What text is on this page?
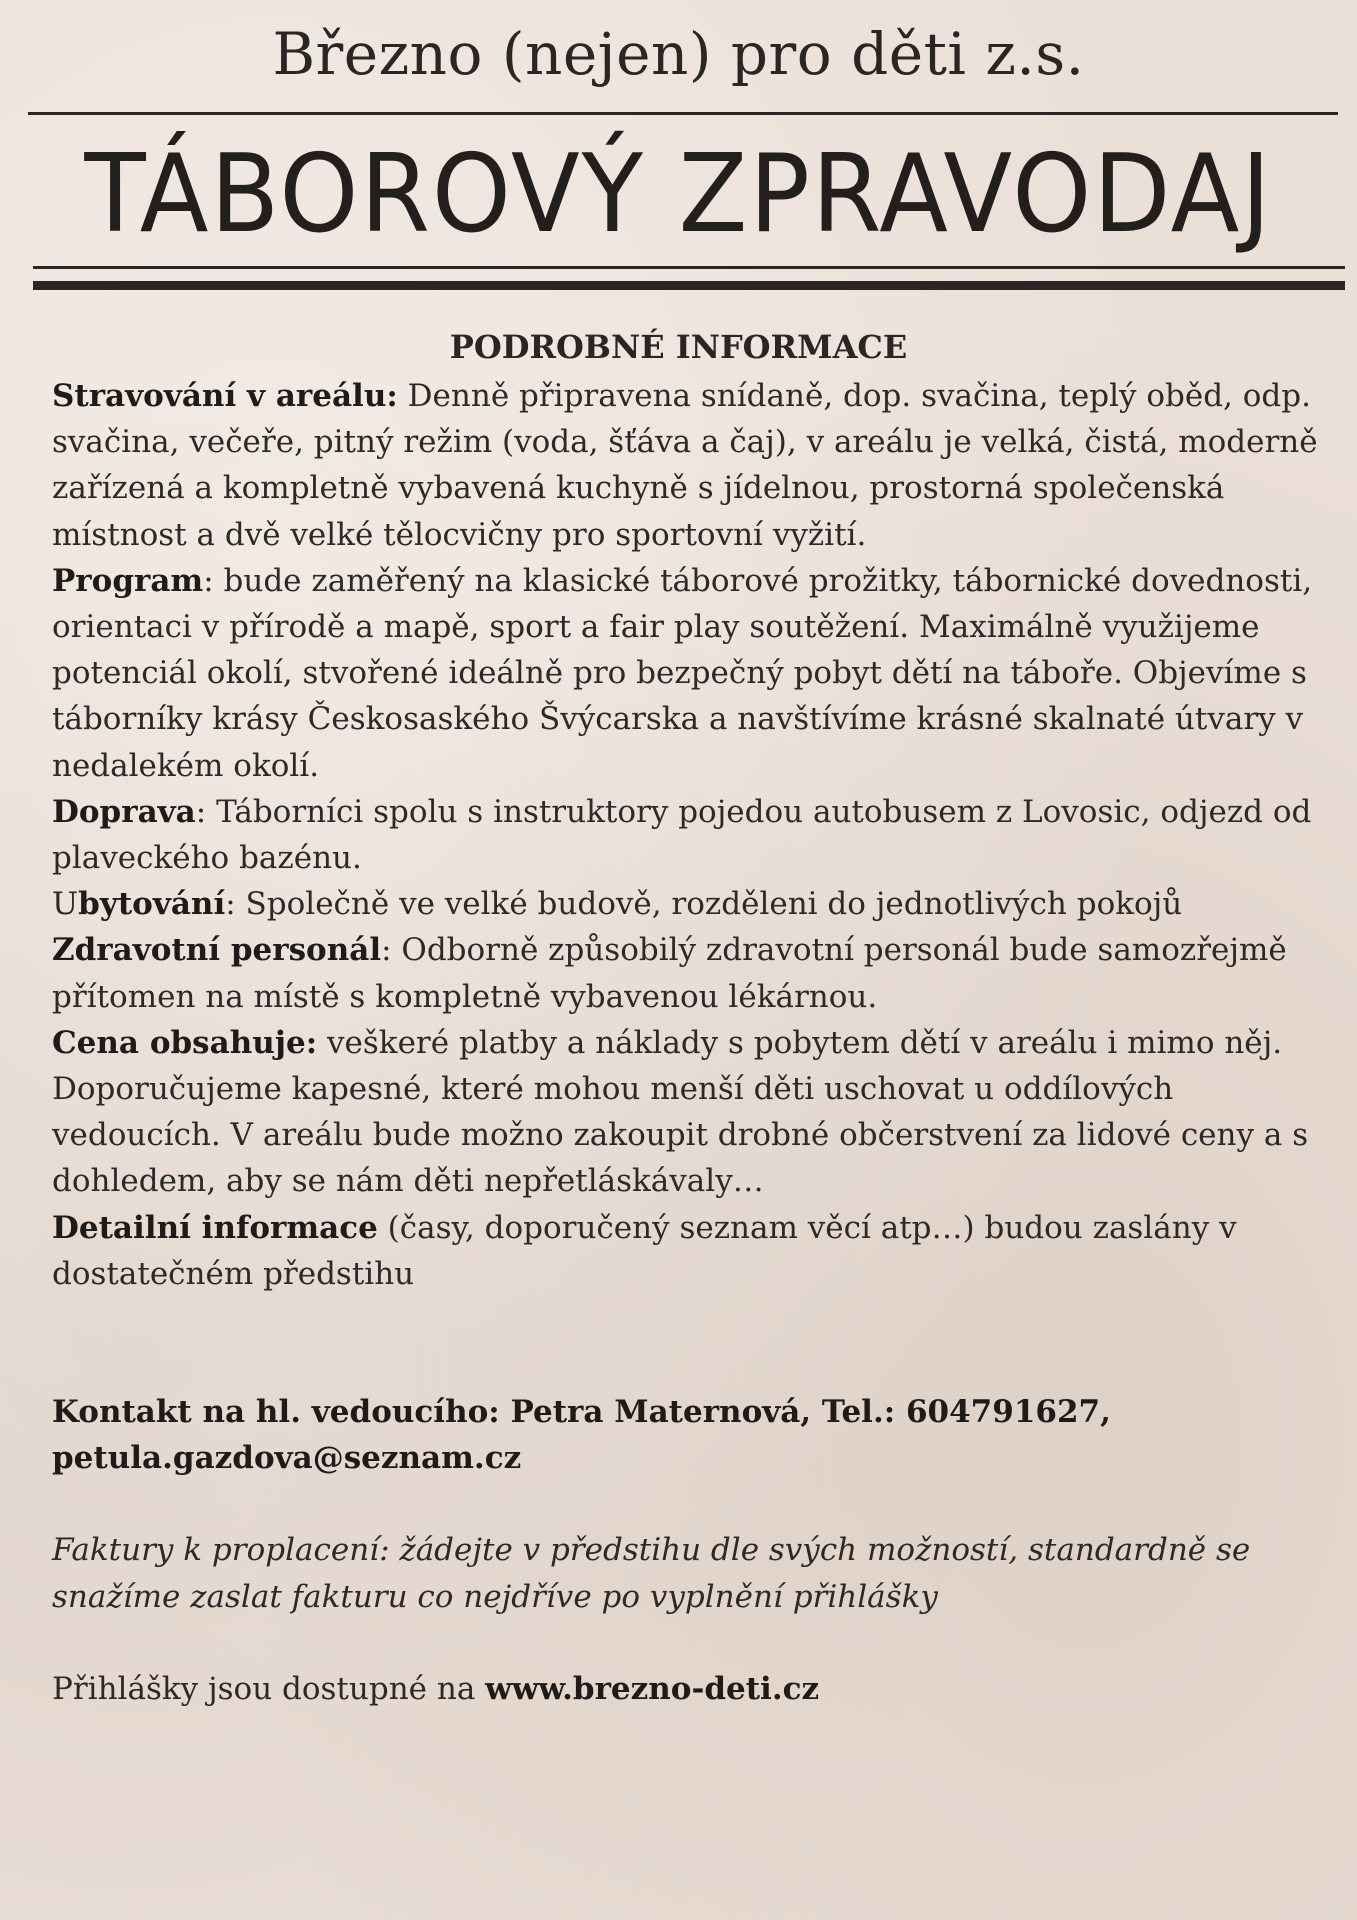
Březno (nejen) pro děti z.s.
TÁBOROVÝ ZPRAVODAJ
PODROBNÉ INFORMACE

Stravování v areálu: Denně připravena snídaně, dop. svačina, teplý oběd, odp. svačina, večeře, pitný režim (voda, šťáva a čaj), v areálu je velká, čistá, moderně zařízená a kompletně vybavená kuchyně s jídelnou, prostorná společenská místnost a dvě velké tělocvičny pro sportovní vyžití.

Program: bude zaměřený na klasické táborové prožitky, tábornické dovednosti, orientaci v přírodě a mapě, sport a fair play soutěžení. Maximálně využijeme potenciál okolí, stvořené ideálně pro bezpečný pobyt dětí na táboře. Objevíme s táborníky krásy Českosaského Švýcarska a navštívíme krásné skalnaté útvary v nedalekém okolí.

Doprava: Táborníci spolu s instruktory pojedou autobusem z Lovosic, odjezd od plaveckého bazénu.

Ubytování: Společně ve velké budově, rozděleni do jednotlivých pokojů

Zdravotní personál: Odborně způsobilý zdravotní personál bude samozřejmě přítomen na místě s kompletně vybavenou lékárnou.

Cena obsahuje: veškeré platby a náklady s pobytem dětí v areálu i mimo něj. Doporučujeme kapesné, které mohou menší děti uschovat u oddílových vedoucích. V areálu bude možno zakoupit drobné občerstvení za lidové ceny a s dohledem, aby se nám děti nepřetláskávaly…

Detailní informace (časy, doporučený seznam věcí atp…) budou zaslány v dostatečném předstihu

Kontakt na hl. vedoucího: Petra Maternová, Tel.: 604791627, petula.gazdova@seznam.cz

Faktury k proplacení: žádejte v předstihu dle svých možností, standardně se snažíme zaslat fakturu co nejdříve po vyplnění přihlášky

Přihlášky jsou dostupné na www.brezno-deti.cz
